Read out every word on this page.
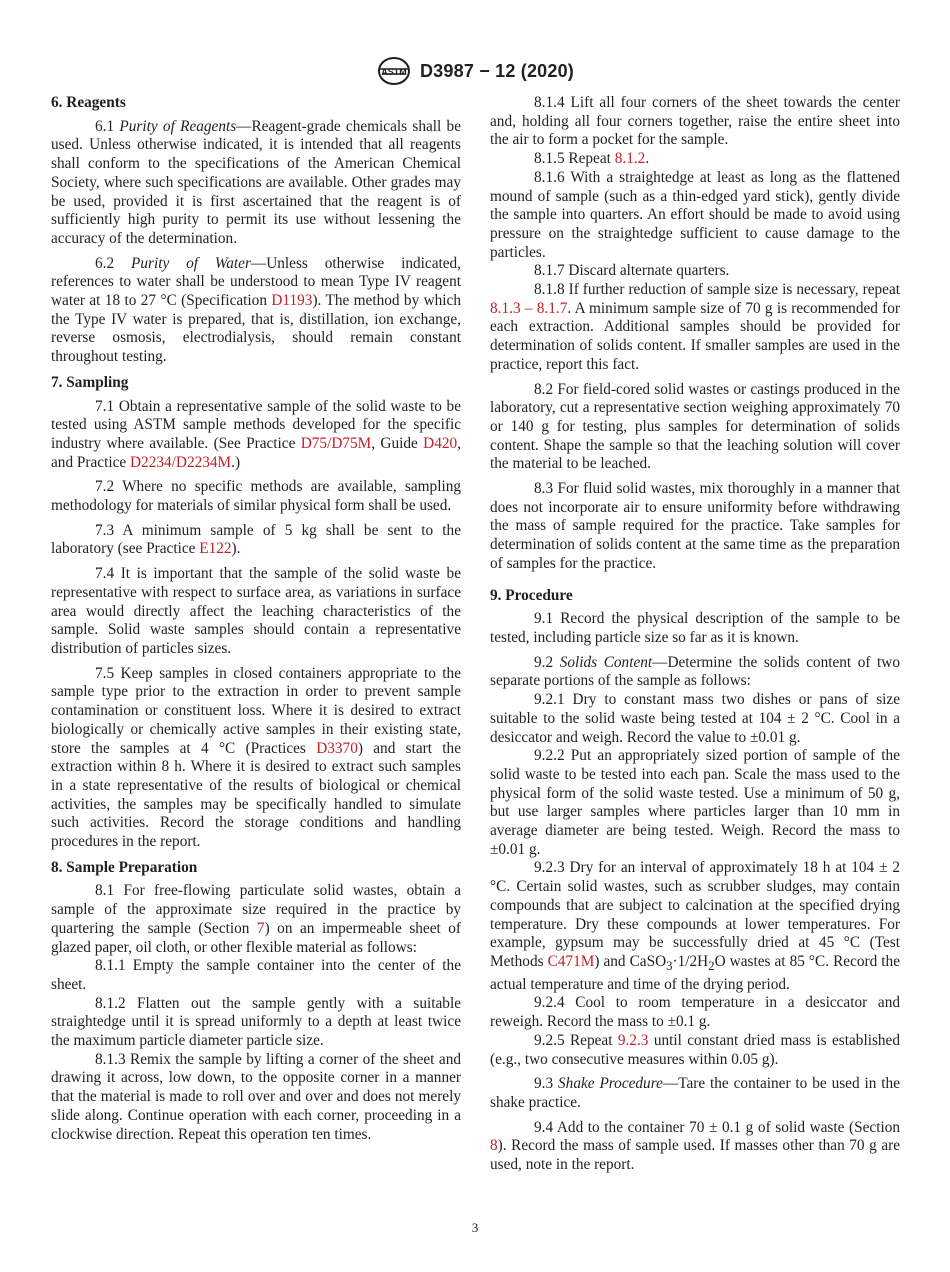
ASTM D3987 − 12 (2020)
6. Reagents

6.1 Purity of Reagents—Reagent-grade chemicals shall be used. Unless otherwise indicated, it is intended that all reagents shall conform to the specifications of the American Chemical Society, where such specifications are available. Other grades may be used, provided it is first ascertained that the reagent is of sufficiently high purity to permit its use without lessening the accuracy of the determination.

6.2 Purity of Water—Unless otherwise indicated, references to water shall be understood to mean Type IV reagent water at 18 to 27 °C (Specification D1193). The method by which the Type IV water is prepared, that is, distillation, ion exchange, reverse osmosis, electrodialysis, should remain constant throughout testing.

7. Sampling

7.1 Obtain a representative sample of the solid waste to be tested using ASTM sample methods developed for the specific industry where available. (See Practice D75/D75M, Guide D420, and Practice D2234/D2234M.)

7.2 Where no specific methods are available, sampling methodology for materials of similar physical form shall be used.

7.3 A minimum sample of 5 kg shall be sent to the laboratory (see Practice E122).

7.4 It is important that the sample of the solid waste be representative with respect to surface area, as variations in surface area would directly affect the leaching characteristics of the sample. Solid waste samples should contain a representative distribution of particles sizes.

7.5 Keep samples in closed containers appropriate to the sample type prior to the extraction in order to prevent sample contamination or constituent loss. Where it is desired to extract biologically or chemically active samples in their existing state, store the samples at 4 °C (Practices D3370) and start the extraction within 8 h. Where it is desired to extract such samples in a state representative of the results of biological or chemical activities, the samples may be specifically handled to simulate such activities. Record the storage conditions and handling procedures in the report.

8. Sample Preparation

8.1 For free-flowing particulate solid wastes, obtain a sample of the approximate size required in the practice by quartering the sample (Section 7) on an impermeable sheet of glazed paper, oil cloth, or other flexible material as follows:

8.1.1 Empty the sample container into the center of the sheet.

8.1.2 Flatten out the sample gently with a suitable straightedge until it is spread uniformly to a depth at least twice the maximum particle diameter particle size.

8.1.3 Remix the sample by lifting a corner of the sheet and drawing it across, low down, to the opposite corner in a manner that the material is made to roll over and over and does not merely slide along. Continue operation with each corner, proceeding in a clockwise direction. Repeat this operation ten times.

8.1.4 Lift all four corners of the sheet towards the center and, holding all four corners together, raise the entire sheet into the air to form a pocket for the sample.

8.1.5 Repeat 8.1.2.

8.1.6 With a straightedge at least as long as the flattened mound of sample (such as a thin-edged yard stick), gently divide the sample into quarters. An effort should be made to avoid using pressure on the straightedge sufficient to cause damage to the particles.

8.1.7 Discard alternate quarters.

8.1.8 If further reduction of sample size is necessary, repeat 8.1.3 – 8.1.7. A minimum sample size of 70 g is recommended for each extraction. Additional samples should be provided for determination of solids content. If smaller samples are used in the practice, report this fact.

8.2 For field-cored solid wastes or castings produced in the laboratory, cut a representative section weighing approximately 70 or 140 g for testing, plus samples for determination of solids content. Shape the sample so that the leaching solution will cover the material to be leached.

8.3 For fluid solid wastes, mix thoroughly in a manner that does not incorporate air to ensure uniformity before withdrawing the mass of sample required for the practice. Take samples for determination of solids content at the same time as the preparation of samples for the practice.

9. Procedure

9.1 Record the physical description of the sample to be tested, including particle size so far as it is known.

9.2 Solids Content—Determine the solids content of two separate portions of the sample as follows:

9.2.1 Dry to constant mass two dishes or pans of size suitable to the solid waste being tested at 104 ± 2 °C. Cool in a desiccator and weigh. Record the value to ±0.01 g.

9.2.2 Put an appropriately sized portion of sample of the solid waste to be tested into each pan. Scale the mass used to the physical form of the solid waste tested. Use a minimum of 50 g, but use larger samples where particles larger than 10 mm in average diameter are being tested. Weigh. Record the mass to ±0.01 g.

9.2.3 Dry for an interval of approximately 18 h at 104 ± 2 °C. Certain solid wastes, such as scrubber sludges, may contain compounds that are subject to calcination at the specified drying temperature. Dry these compounds at lower temperatures. For example, gypsum may be successfully dried at 45 °C (Test Methods C471M) and $CaSO_3\cdot 1/2H_2O$ wastes at 85 °C. Record the actual temperature and time of the drying period.

9.2.4 Cool to room temperature in a desiccator and reweigh. Record the mass to ±0.1 g.

9.2.5 Repeat 9.2.3 until constant dried mass is established (e.g., two consecutive measures within 0.05 g).

9.3 Shake Procedure—Tare the container to be used in the shake practice.

9.4 Add to the container 70 ± 0.1 g of solid waste (Section 8). Record the mass of sample used. If masses other than 70 g are used, note in the report.

3
